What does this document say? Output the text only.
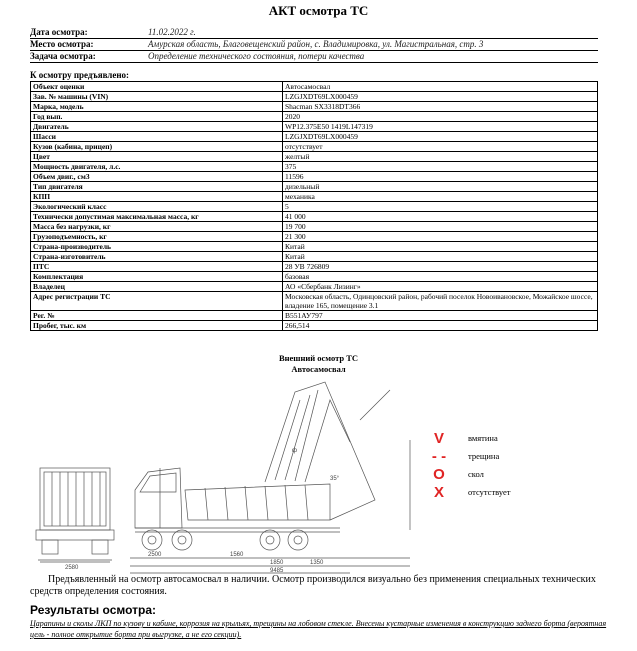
АКТ осмотра ТС
Дата осмотра:	11.02.2022 г.
Место осмотра:	Амурская область, Благовещенский район, с. Владимировка, ул. Магистральная, стр. 3
Задача осмотра:	Определение технического состояния, потери качества
К осмотру предъявлено:
Объект оценки	Автосамосвал
Зав. № машины (VIN)	LZGJXDT69LX000459
Марка, модель	Shacman SX3318DT366
Год вып.	2020
Двигатель	WP12.375E50 1419L147319
Шасси	LZGJXDT69LX000459
Кузов (кабина, прицеп)	отсутствует
Цвет	желтый
Мощность двигателя, л.с.	375
Объем двиг., см3	11596
Тип двигателя	дизельный
КПП	механика
Экологический класс	5
Технически допустимая максимальная масса, кг	41 000
Масса без нагрузки, кг	19 700
Грузоподъемность, кг	21 300
Страна-производитель	Китай
Страна-изготовитель	Китай
ПТС	28 УВ 726809
Комплектация	базовая
Владелец	АО «Сбербанк Лизинг»
Адрес регистрации ТС	Московская область, Одинцовский район, рабочий поселок Новоивановское, Можайское шоссе, владение 165, помещение 3.1
Рег. №	В551АУ797
Пробег, тыс. км	266,514
Внешний осмотр ТС
Автосамосвал
2580
2500	1560
1850	1350
9485
ф
35°
V	вмятина
- -	трещина
O	скол
X	отсутствует
Предъявленный на осмотр автосамосвал в наличии. Осмотр производился визуально без применения специальных технических средств определения состояния.
Результаты осмотра:
Царапины и сколы ЛКП по кузову и кабине, коррозия на крыльях, трещины на лобовом стекле. Внесены кустарные изменения в конструкцию заднего борта (вероятная цель - полное открытие борта при выгрузке, а не его секции).
